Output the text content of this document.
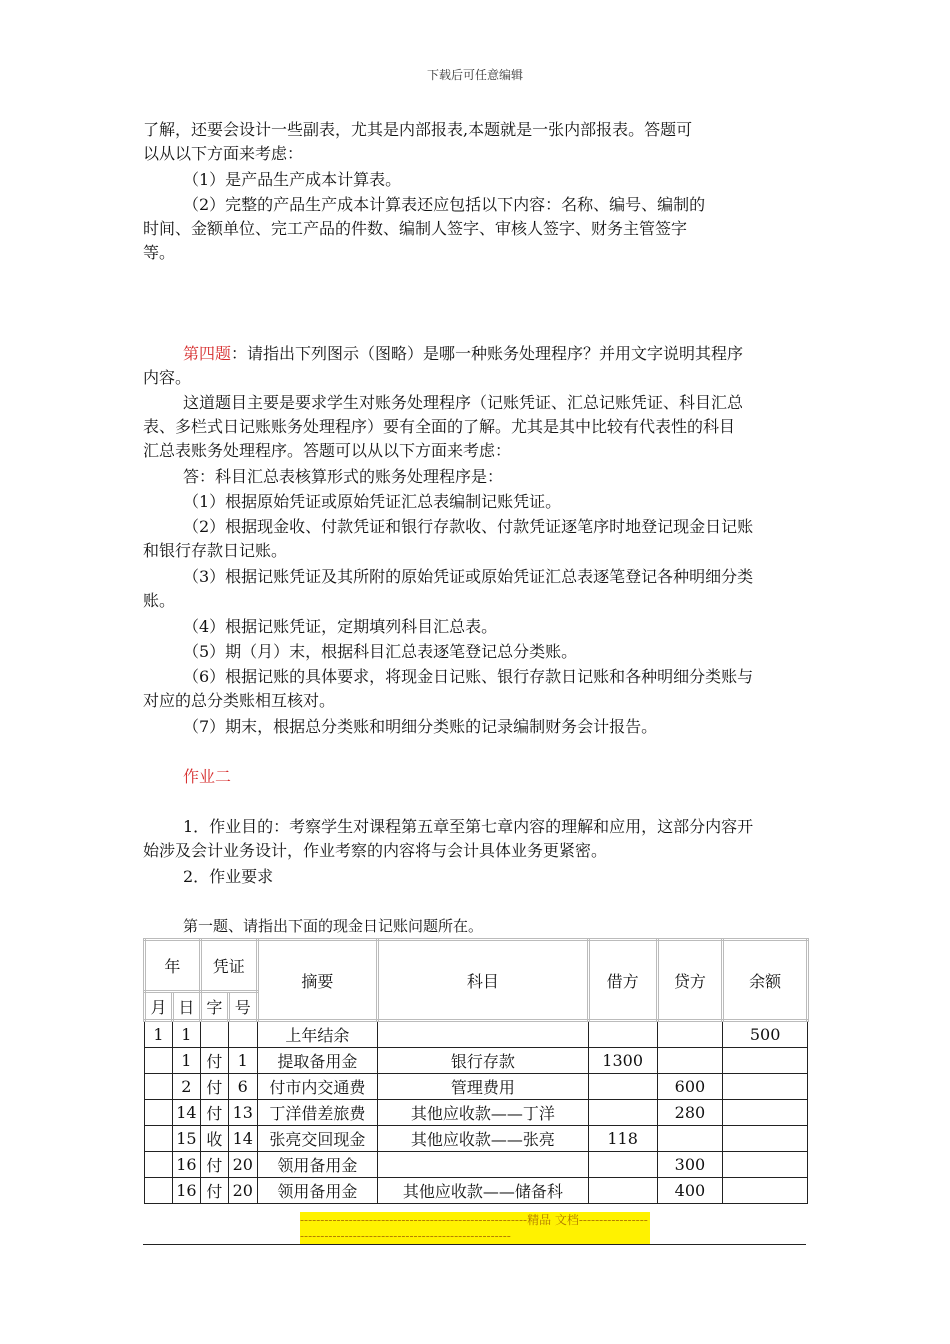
下载后可任意编辑
了解，还要会设计一些副表，尤其是内部报表,本题就是一张内部报表。答题可
以从以下方面来考虑：
（1）是产品生产成本计算表。
（2）完整的产品生产成本计算表还应包括以下内容：名称、编号、编制的
时间、金额单位、完工产品的件数、编制人签字、审核人签字、财务主管签字
等。
第四题：请指出下列图示（图略）是哪一种账务处理程序？并用文字说明其程序
内容。
这道题目主要是要求学生对账务处理程序（记账凭证、汇总记账凭证、科目汇总
表、多栏式日记账账务处理程序）要有全面的了解。尤其是其中比较有代表性的科目
汇总表账务处理程序。答题可以从以下方面来考虑：
答：科目汇总表核算形式的账务处理程序是：
（1）根据原始凭证或原始凭证汇总表编制记账凭证。
（2）根据现金收、付款凭证和银行存款收、付款凭证逐笔序时地登记现金日记账
和银行存款日记账。
（3）根据记账凭证及其所附的原始凭证或原始凭证汇总表逐笔登记各种明细分类
账。
（4）根据记账凭证，定期填列科目汇总表。
（5）期（月）末，根据科目汇总表逐笔登记总分类账。
（6）根据记账的具体要求，将现金日记账、银行存款日记账和各种明细分类账与
对应的总分类账相互核对。
（7）期末，根据总分类账和明细分类账的记录编制财务会计报告。
作业二
1．作业目的：考察学生对课程第五章至第七章内容的理解和应用，这部分内容开
始涉及会计业务设计，作业考察的内容将与会计具体业务更紧密。
2．作业要求
第一题、请指出下面的现金日记账问题所在。
年		凭证		摘要	科目	借方	贷方	余额
月	日	字	号					
1	1			上年结余				500
	1	付	1	提取备用金	银行存款	1300		
	2	付	6	付市内交通费	管理费用		600	
	14	付	13	丁洋借差旅费	其他应收款——丁洋		280	
	15	收	14	张亮交回现金	其他应收款——张亮	118		
	16	付	20	领用备用金			300	
	16	付	20	领用备用金	其他应收款——储备科		400	
--------------------------------------------------------精品 文档---------------------------------------------------------------------
